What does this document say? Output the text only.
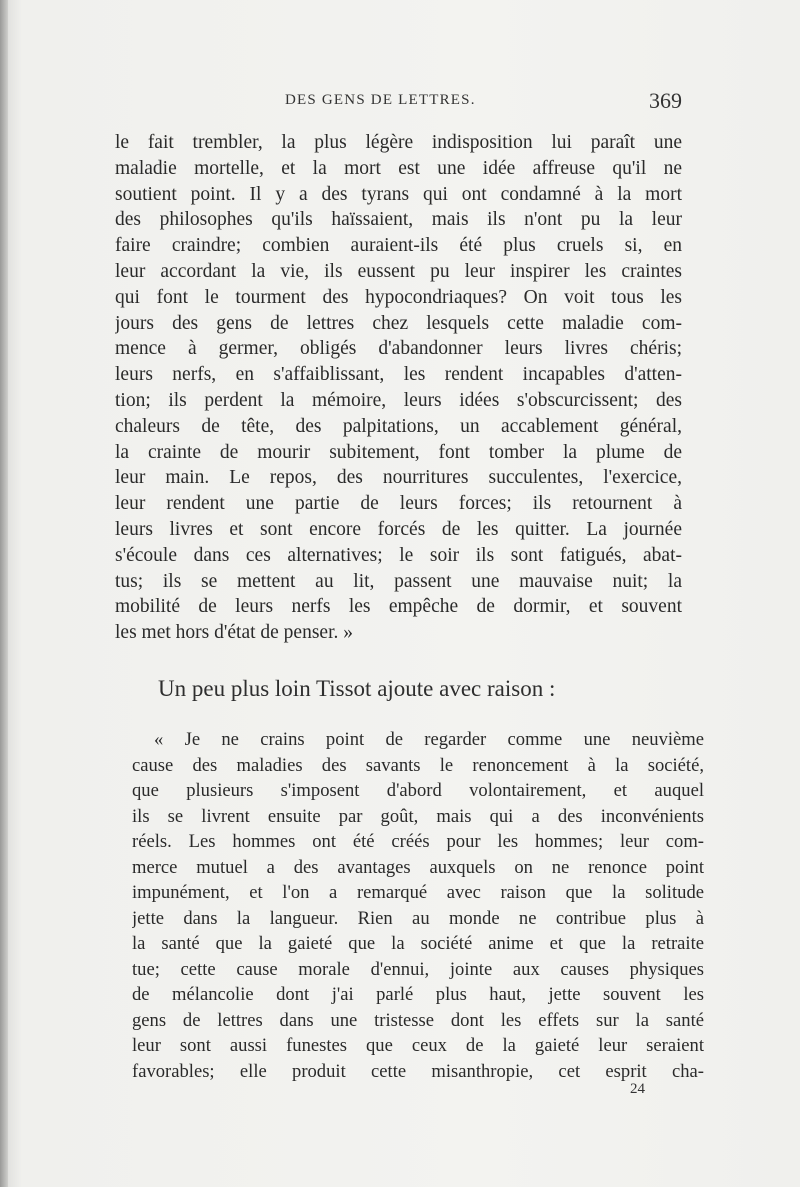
DES GENS DE LETTRES.	369
le fait trembler, la plus légère indisposition lui paraît une
maladie mortelle, et la mort est une idée affreuse qu'il ne
soutient point. Il y a des tyrans qui ont condamné à la mort
des philosophes qu'ils haïssaient, mais ils n'ont pu la leur
faire craindre; combien auraient-ils été plus cruels si, en
leur accordant la vie, ils eussent pu leur inspirer les craintes
qui font le tourment des hypocondriaques? On voit tous les
jours des gens de lettres chez lesquels cette maladie com-
mence à germer, obligés d'abandonner leurs livres chéris;
leurs nerfs, en s'affaiblissant, les rendent incapables d'atten-
tion; ils perdent la mémoire, leurs idées s'obscurcissent; des
chaleurs de tête, des palpitations, un accablement général,
la crainte de mourir subitement, font tomber la plume de
leur main. Le repos, des nourritures succulentes, l'exercice,
leur rendent une partie de leurs forces; ils retournent à
leurs livres et sont encore forcés de les quitter. La journée
s'écoule dans ces alternatives; le soir ils sont fatigués, abat-
tus; ils se mettent au lit, passent une mauvaise nuit; la
mobilité de leurs nerfs les empêche de dormir, et souvent
les met hors d'état de penser. »
Un peu plus loin Tissot ajoute avec raison :
« Je ne crains point de regarder comme une neuvième
cause des maladies des savants le renoncement à la société,
que plusieurs s'imposent d'abord volontairement, et auquel
ils se livrent ensuite par goût, mais qui a des inconvénients
réels. Les hommes ont été créés pour les hommes; leur com-
merce mutuel a des avantages auxquels on ne renonce point
impunément, et l'on a remarqué avec raison que la solitude
jette dans la langueur. Rien au monde ne contribue plus à
la santé que la gaieté que la société anime et que la retraite
tue; cette cause morale d'ennui, jointe aux causes physiques
de mélancolie dont j'ai parlé plus haut, jette souvent les
gens de lettres dans une tristesse dont les effets sur la santé
leur sont aussi funestes que ceux de la gaieté leur seraient
favorables; elle produit cette misanthropie, cet esprit cha-
24
